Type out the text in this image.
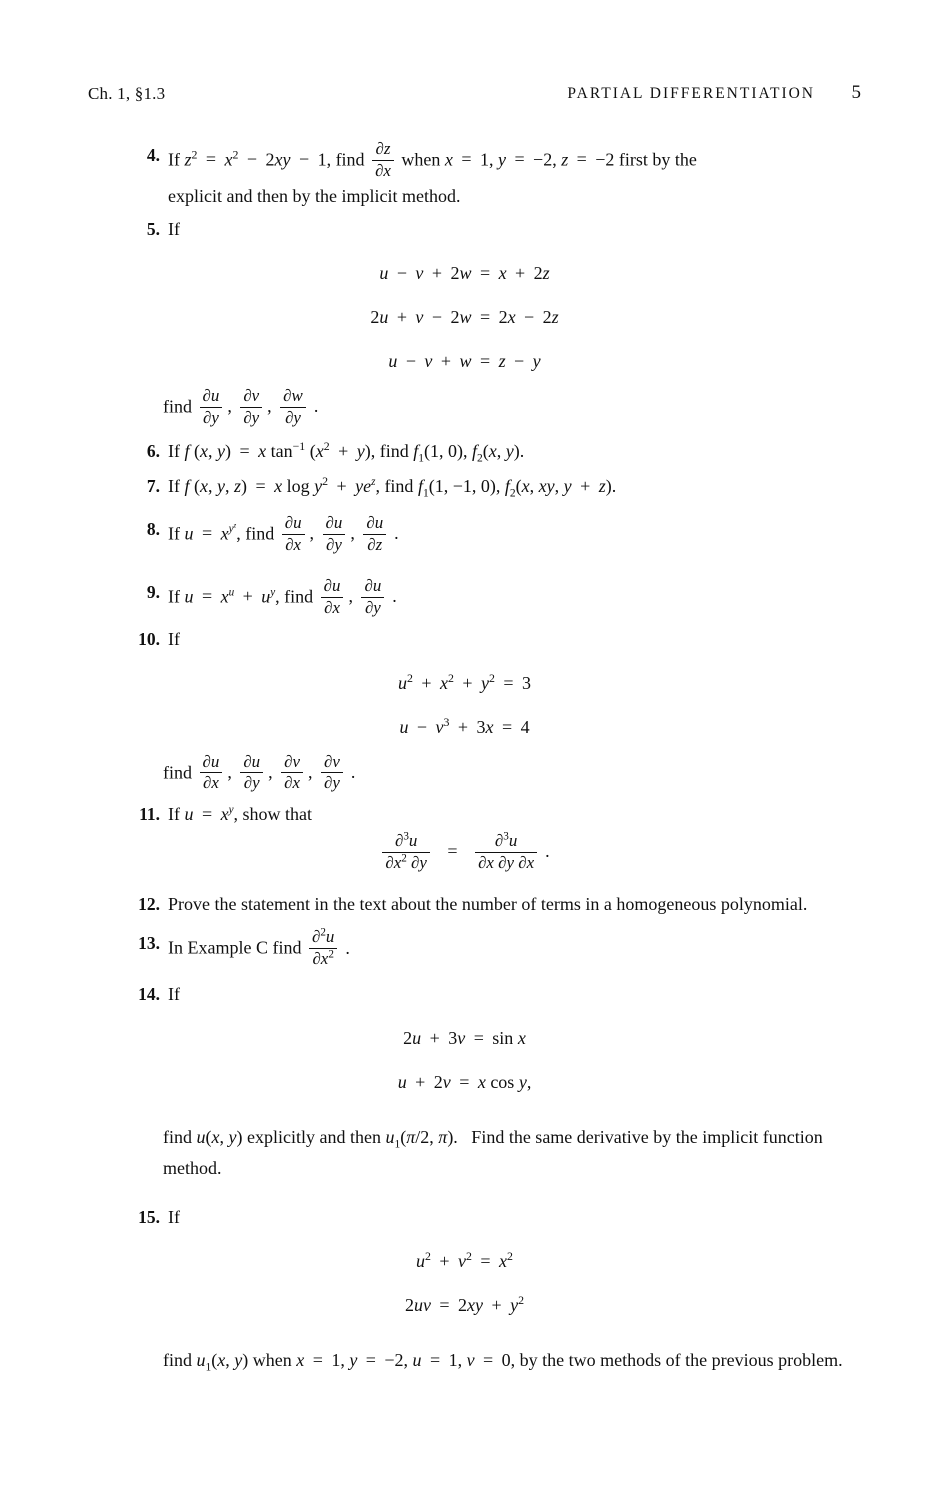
Ch. 1, §1.3	PARTIAL DIFFERENTIATION 5
4. If $z^2 = x^2 - 2xy - 1$, find $\frac{\partial z}{\partial x}$ when x = 1, y = −2, z = −2 first by the

explicit and then by the implicit method.

5. If

u − v + 2w = x + 2z
2u + v − 2w = 2x − 2z
u − v + w = z − y
find $\frac{\partial u}{\partial y}$ , $\frac{\partial v}{\partial y}$ , $\frac{\partial w}{\partial y}$ .
6. If f (x, y) = x $\tan^{-1} (x^2 + y)$, find $f_1(1$, 0), $f_2(x$, y).

7. If f (x, y, z) = x $\log y^2 + ye^z$, find $f_1(1$, −1, 0), $f_2(x$, xy, y + z).

8. If $u = x^{y^z}$, find $\frac{\partial u}{\partial x}$ , $\frac{\partial u}{\partial y}$ , $\frac{\partial u}{\partial z}$ .

9. If $u = x^u + u^y$, find $\frac{\partial u}{\partial x}$ , $\frac{\partial u}{\partial y}$ .

10. If

$u^2 + x^2 + y^2 = 3$
$u - v^3 + 3x = 4$
find $\frac{\partial u}{\partial x}$ , $\frac{\partial u}{\partial y}$ , $\frac{\partial v}{\partial x}$ , $\frac{\partial v}{\partial y}$ .
11. If $u = x^y$, show that

$\frac{\partial^3u}{\partial x^2 \partial y} = \frac{\partial^3u}{\partial x \partial y \partial x}$ .
12. Prove the statement in the text about the number of terms in a homogeneous polynomial.

13. In Example C find $\frac{\partial^2u}{\partial x^2}$ .

14. If

2u + 3v = sin x
u + 2v = x cos y,

find u(x, y) explicitly and then $u_1(\pi/2$, π).   Find the same derivative by the implicit function method.

15. If

$u^2 + v^2 = x^2$
$2uv = 2xy + y^2$

find $u_1(x$, y) when x = 1, y = −2, u = 1, v = 0, by the two methods of the previous problem.
